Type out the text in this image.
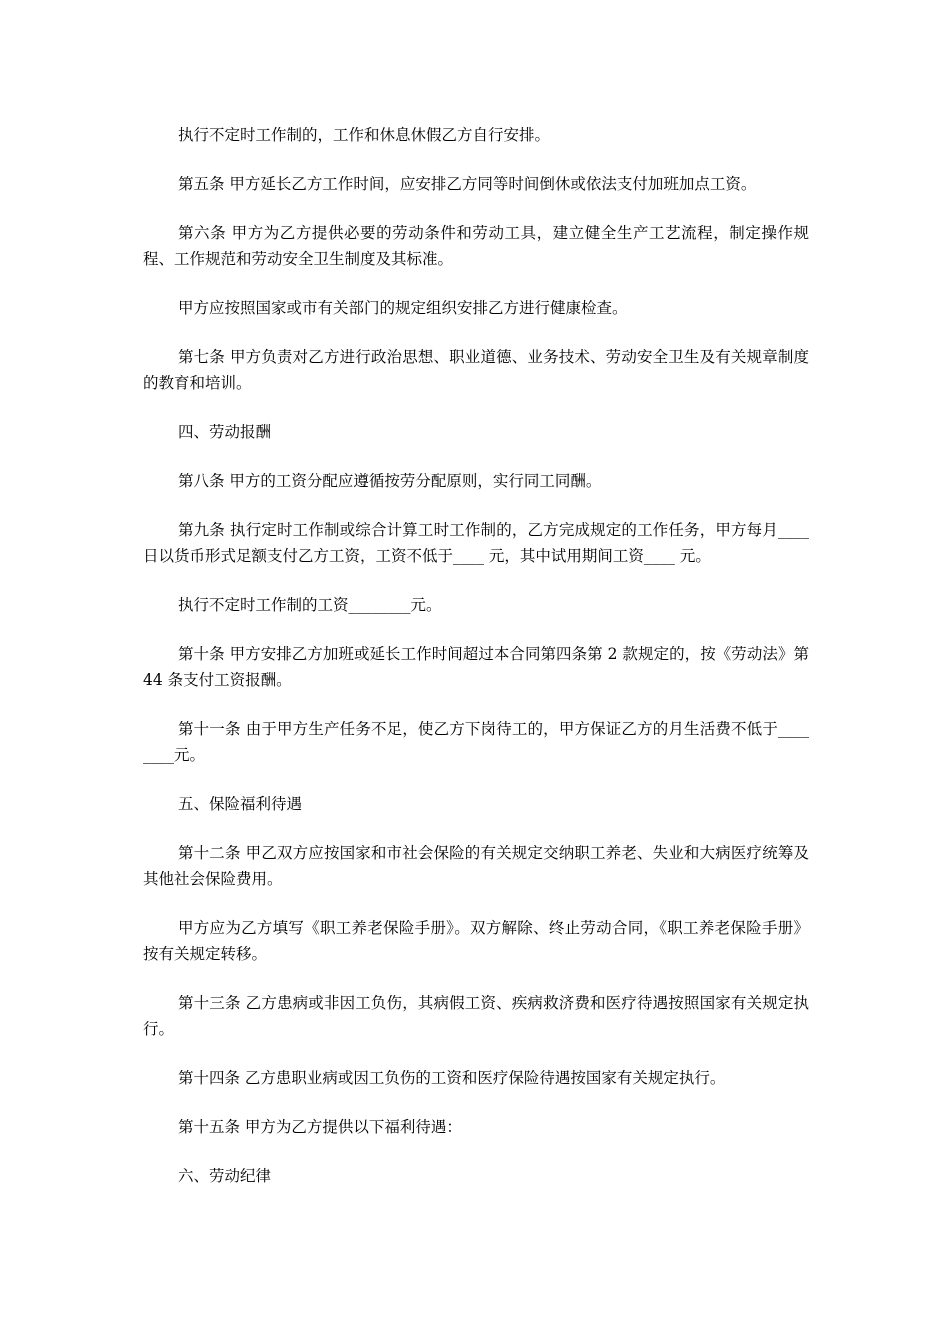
执行不定时工作制的，工作和休息休假乙方自行安排。

第五条 甲方延长乙方工作时间，应安排乙方同等时间倒休或依法支付加班加点工资。

第六条 甲方为乙方提供必要的劳动条件和劳动工具，建立健全生产工艺流程，制定操作规程、工作规范和劳动安全卫生制度及其标准。

甲方应按照国家或市有关部门的规定组织安排乙方进行健康检查。

第七条 甲方负责对乙方进行政治思想、职业道德、业务技术、劳动安全卫生及有关规章制度的教育和培训。

四、劳动报酬

第八条 甲方的工资分配应遵循按劳分配原则，实行同工同酬。

第九条 执行定时工作制或综合计算工时工作制的，乙方完成规定的工作任务，甲方每月____ 日以货币形式足额支付乙方工资，工资不低于____ 元，其中试用期间工资____ 元。

执行不定时工作制的工资________元。

第十条 甲方安排乙方加班或延长工作时间超过本合同第四条第 2 款规定的，按《劳动法》第 44 条支付工资报酬。

第十一条 由于甲方生产任务不足，使乙方下岗待工的，甲方保证乙方的月生活费不低于________元。

五、保险福利待遇

第十二条 甲乙双方应按国家和市社会保险的有关规定交纳职工养老、失业和大病医疗统筹及其他社会保险费用。

甲方应为乙方填写《职工养老保险手册》。双方解除、终止劳动合同，《职工养老保险手册》按有关规定转移。

第十三条 乙方患病或非因工负伤，其病假工资、疾病救济费和医疗待遇按照国家有关规定执行。

第十四条 乙方患职业病或因工负伤的工资和医疗保险待遇按国家有关规定执行。

第十五条 甲方为乙方提供以下福利待遇：

六、劳动纪律
